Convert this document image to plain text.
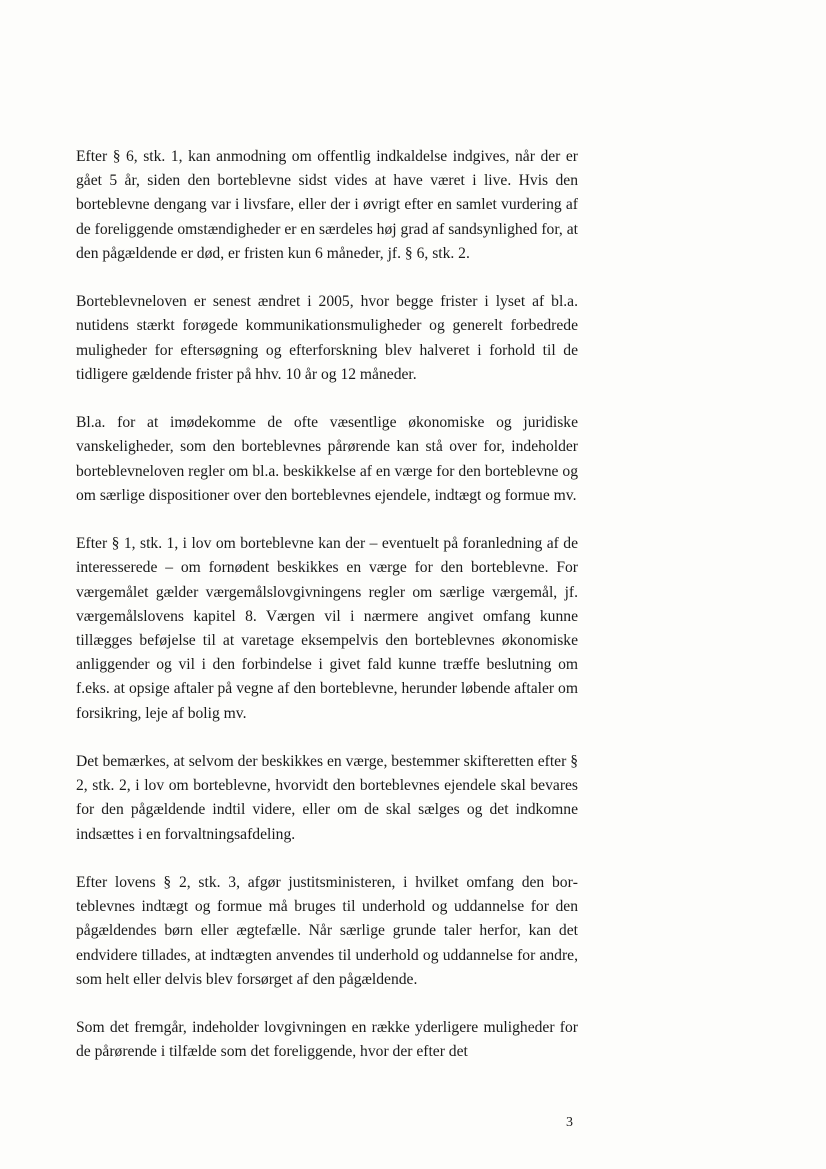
Efter § 6, stk. 1, kan anmodning om offentlig indkaldelse indgives, når der er gået 5 år, siden den borteblevne sidst vides at have været i live. Hvis den borteblevne dengang var i livsfare, eller der i øvrigt efter en samlet vurdering af de foreliggende omstændigheder er en særdeles høj grad af sandsynlighed for, at den pågældende er død, er fristen kun 6 måneder, jf. § 6, stk. 2.

Borteblevneloven er senest ændret i 2005, hvor begge frister i lyset af bl.a. nutidens stærkt forøgede kommunikationsmuligheder og generelt forbedrede muligheder for eftersøgning og efterforskning blev halveret i forhold til de tidligere gældende frister på hhv. 10 år og 12 måneder.

Bl.a. for at imødekomme de ofte væsentlige økonomiske og juridiske vanskeligheder, som den borteblevnes pårørende kan stå over for, indeholder borteblevneloven regler om bl.a. beskikkelse af en værge for den borteblevne og om særlige dispositioner over den borteblevnes ejendele, indtægt og formue mv.

Efter § 1, stk. 1, i lov om borteblevne kan der – eventuelt på foranledning af de interesserede – om fornødent beskikkes en værge for den borteblevne. For værgemålet gælder værgemålslovgivningens regler om særlige værgemål, jf. værgemålslovens kapitel 8. Værgen vil i nærmere angivet omfang kunne tillægges beføjelse til at varetage eksempelvis den borteblevnes økonomiske anliggender og vil i den forbindelse i givet fald kunne træffe beslutning om f.eks. at opsige aftaler på vegne af den borteblevne, herunder løbende aftaler om forsikring, leje af bolig mv.

Det bemærkes, at selvom der beskikkes en værge, bestemmer skifteretten efter § 2, stk. 2, i lov om borteblevne, hvorvidt den borteblevnes ejendele skal bevares for den pågældende indtil videre, eller om de skal sælges og det indkomne indsættes i en forvaltningsafdeling.

Efter lovens § 2, stk. 3, afgør justitsministeren, i hvilket omfang den borteblevnes indtægt og formue må bruges til underhold og uddannelse for den pågældendes børn eller ægtefælle. Når særlige grunde taler herfor, kan det endvidere tillades, at indtægten anvendes til underhold og uddannelse for andre, som helt eller delvis blev forsørget af den pågældende.

Som det fremgår, indeholder lovgivningen en række yderligere muligheder for de pårørende i tilfælde som det foreliggende, hvor der efter det

3
